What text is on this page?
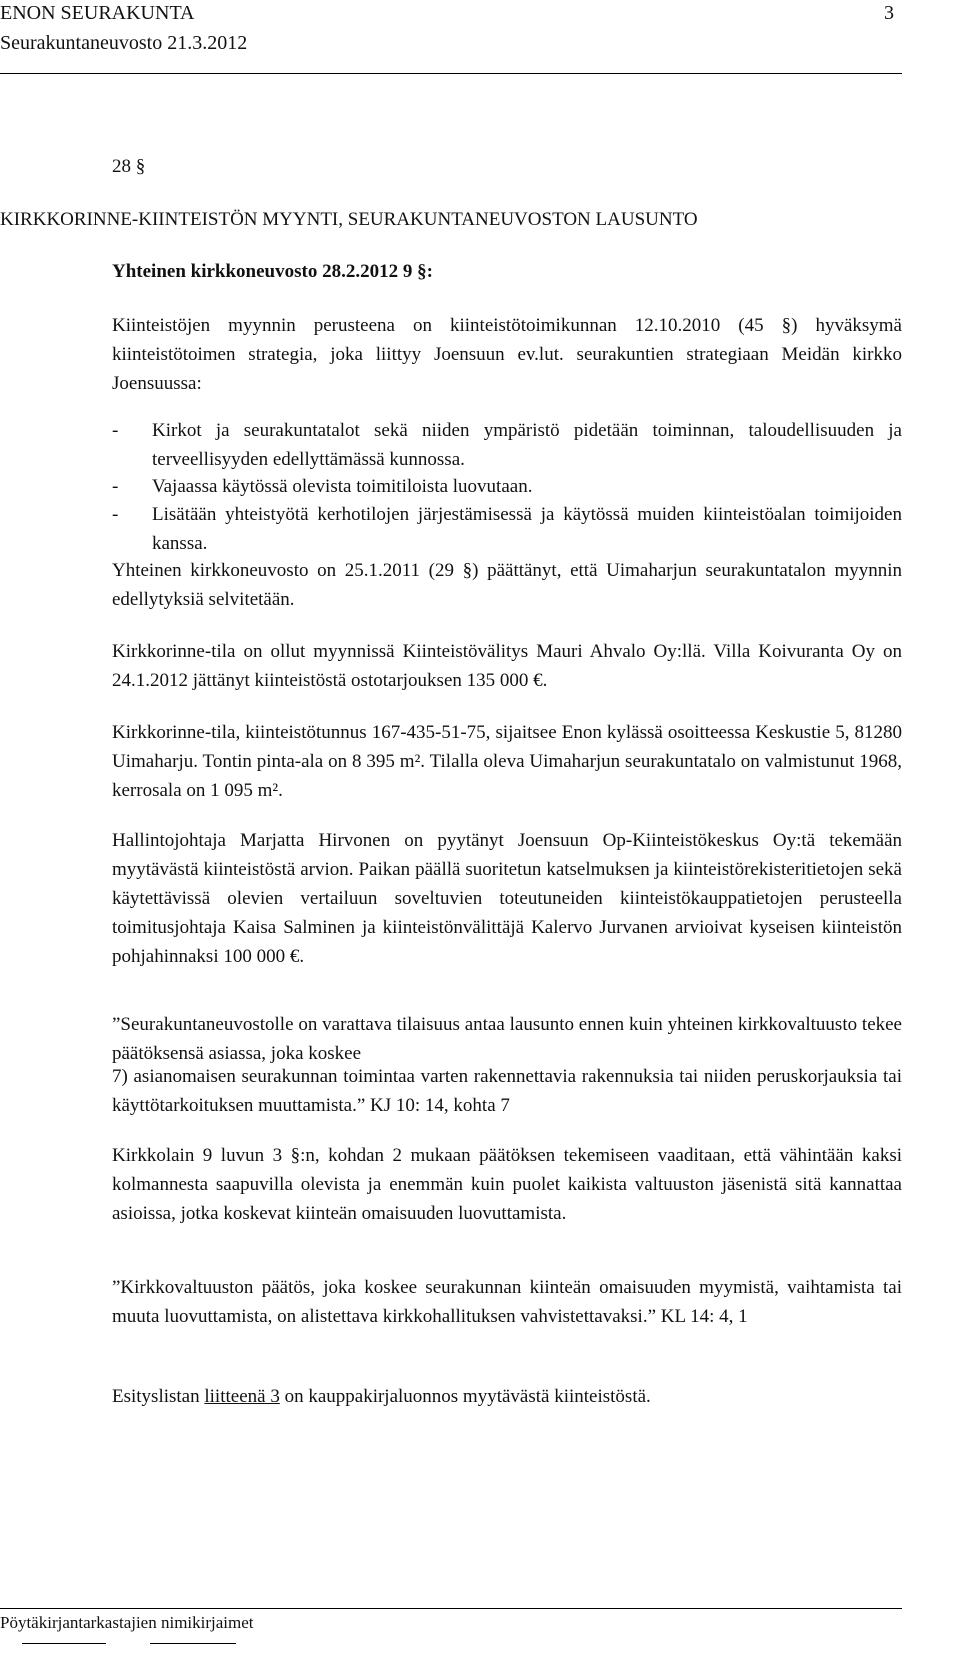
ENON SEURAKUNTA	3
Seurakuntaneuvosto 21.3.2012
28 §
KIRKKORINNE-KIINTEISTÖN MYYNTI, SEURAKUNTANEUVOSTON LAUSUNTO
Yhteinen kirkkoneuvosto 28.2.2012 9 §:
Kiinteistöjen myynnin perusteena on kiinteistötoimikunnan 12.10.2010 (45 §) hyväksymä kiinteistötoimen strategia, joka liittyy Joensuun ev.lut. seurakuntien strategiaan Meidän kirkko Joensuussa:
- Kirkot ja seurakuntatalot sekä niiden ympäristö pidetään toiminnan, taloudellisuuden ja terveellisyyden edellyttämässä kunnossa.
- Vajaassa käytössä olevista toimitiloista luovutaan.
- Lisätään yhteistyötä kerhotilojen järjestämisessä ja käytössä muiden kiinteistöalan toimijoiden kanssa.
Yhteinen kirkkoneuvosto on 25.1.2011 (29 §) päättänyt, että Uimaharjun seurakuntatalon myynnin edellytyksiä selvitetään.
Kirkkorinne-tila on ollut myynnissä Kiinteistövälitys Mauri Ahvalo Oy:llä. Villa Koivuranta Oy on 24.1.2012 jättänyt kiinteistöstä ostotarjouksen 135 000 €.
Kirkkorinne-tila, kiinteistötunnus 167-435-51-75, sijaitsee Enon kylässä osoitteessa Keskustie 5, 81280 Uimaharju. Tontin pinta-ala on 8 395 m². Tilalla oleva Uimaharjun seurakuntatalo on valmistunut 1968, kerrosala on 1 095 m².
Hallintojohtaja Marjatta Hirvonen on pyytänyt Joensuun Op-Kiinteistökeskus Oy:tä tekemään myytävästä kiinteistöstä arvion. Paikan päällä suoritetun katselmuksen ja kiinteistörekisteritietojen sekä käytettävissä olevien vertailuun soveltuvien toteutuneiden kiinteistökauppatietojen perusteella toimitusjohtaja Kaisa Salminen ja kiinteistönvälittäjä Kalervo Jurvanen arvioivat kyseisen kiinteistön pohjahinnaksi 100 000 €.
”Seurakuntaneuvostolle on varattava tilaisuus antaa lausunto ennen kuin yhteinen kirkkovaltuusto tekee päätöksensä asiassa, joka koskee
7) asianomaisen seurakunnan toimintaa varten rakennettavia rakennuksia tai niiden peruskorjauksia tai käyttötarkoituksen muuttamista.” KJ 10: 14, kohta 7
Kirkkolain 9 luvun 3 §:n, kohdan 2 mukaan päätöksen tekemiseen vaaditaan, että vähintään kaksi kolmannesta saapuvilla olevista ja enemmän kuin puolet kaikista valtuuston jäsenistä sitä kannattaa asioissa, jotka koskevat kiinteän omaisuuden luovuttamista.
”Kirkkovaltuuston päätös, joka koskee seurakunnan kiinteän omaisuuden myymistä, vaihtamista tai muuta luovuttamista, on alistettava kirkkohallituksen vahvistettavaksi.” KL 14: 4, 1
Esityslistan liitteenä 3 on kauppakirjaluonnos myytävästä kiinteistöstä.
Pöytäkirjantarkastajien nimikirjaimet
